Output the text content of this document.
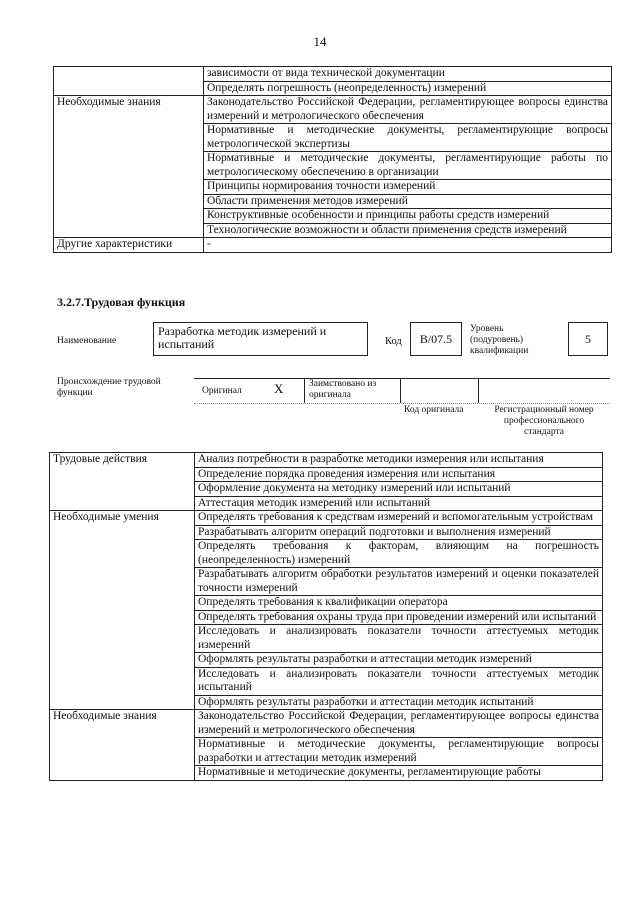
14
	зависимости от вида технической документации
	Определять погрешность (неопределенность) измерений
Необходимые знания	Законодательство Российской Федерации, регламентирующее вопросы единства измерений и метрологического обеспечения
	Нормативные и методические документы, регламентирующие вопросы метрологической экспертизы
	Нормативные и методические документы, регламентирующие работы по метрологическому обеспечению в организации
	Принципы нормирования точности измерений
	Области применения методов измерений
	Конструктивные особенности и принципы работы средств измерений
	Технологические возможности и области применения средств измерений
Другие характеристики	-
3.2.7.Трудовая функция
Наименование
Разработка методик измерений и испытаний	Код	В/07.5
Уровень (подуровень) квалификации
5
Происхождение трудовой функции	Оригинал X	Заимствовано из оригинала
Код оригинала	Регистрационный номер профессионального стандарта
Трудовые действия	Анализ потребности в разработке методики измерения или испытания
	Определение порядка проведения измерения или испытания
	Оформление документа на методику измерений или испытаний
	Аттестация методик измерений или испытаний
Необходимые умения	Определять требования к средствам измерений и вспомогательным устройствам
	Разрабатывать алгоритм операций подготовки и выполнения измерений
	Определять требования к факторам, влияющим на погрешность (неопределенность) измерений
	Разрабатывать алгоритм обработки результатов измерений и оценки показателей точности измерений
	Определять требования к квалификации оператора
	Определять требования охраны труда при проведении измерений или испытаний
	Исследовать и анализировать показатели точности аттестуемых методик измерений
	Оформлять результаты разработки и аттестации методик измерений
	Исследовать и анализировать показатели точности аттестуемых методик испытаний
	Оформлять результаты разработки и аттестации методик испытаний
Необходимые знания	Законодательство Российской Федерации, регламентирующее вопросы единства измерений и метрологического обеспечения
	Нормативные и методические документы, регламентирующие вопросы разработки и аттестации методик измерений
	Нормативные и методические документы, регламентирующие работы
